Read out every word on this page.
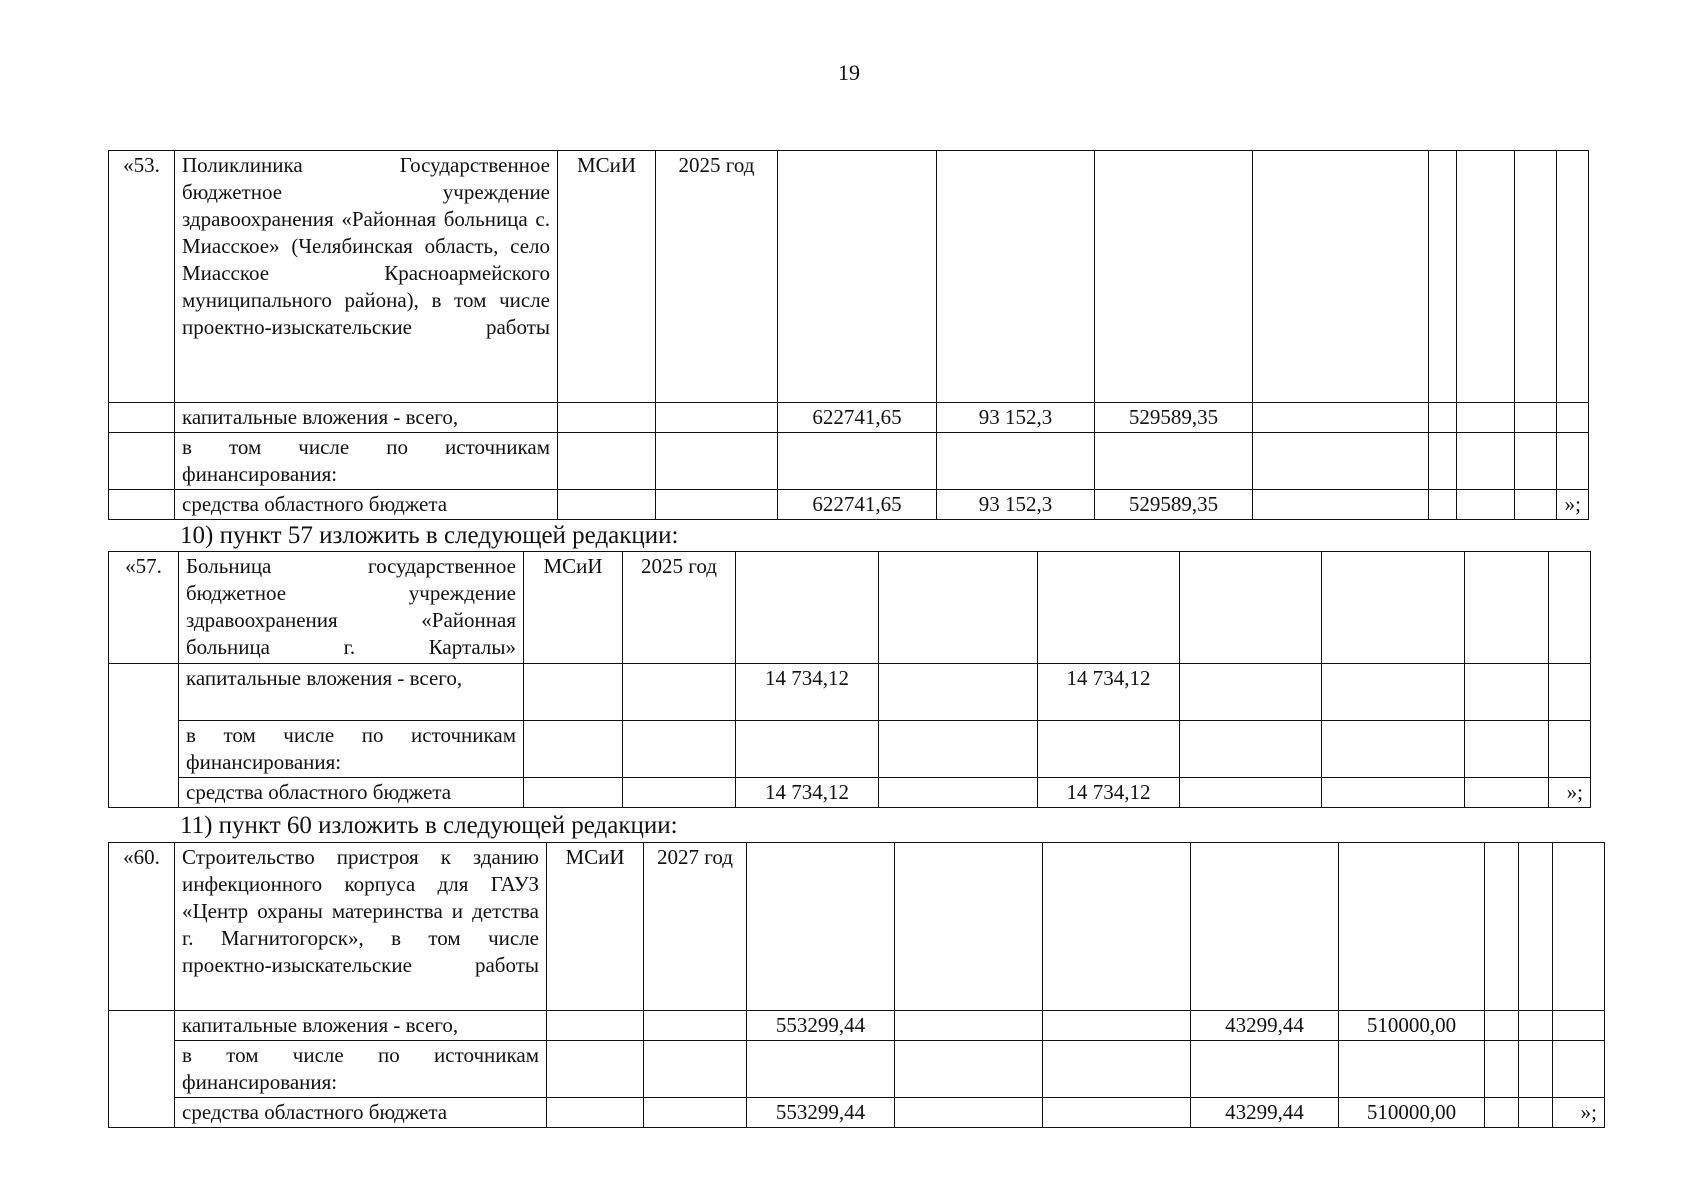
19
«53.	Поликлиника Государственное бюджетное учреждение здравоохранения «Районная больница с. Миасское» (Челябинская область, село Миасское Красноармейского муниципального района), в том числе проектно-изыскательские работы	МСиИ	2025 год								
	капитальные вложения - всего,			622741,65	93 152,3	529589,35					
	в том числе по источникам финансирования:										
	средства областного бюджета			622741,65	93 152,3	529589,35					»;
10) пункт 57 изложить в следующей редакции:
«57.	Больница государственное бюджетное учреждение здравоохранения «Районная больница г. Карталы»	МСиИ	2025 год							
	капитальные вложения - всего,			14 734,12		14 734,12				
	в том числе по источникам финансирования:									
	средства областного бюджета			14 734,12		14 734,12				»;
11) пункт 60 изложить в следующей редакции:
«60.	Строительство пристроя к зданию инфекционного корпуса для ГАУЗ «Центр охраны материнства и детства г. Магнитогорск», в том числе проектно-изыскательские работы	МСиИ	2027 год								
	капитальные вложения - всего,			553299,44			43299,44	510000,00			
	в том числе по источникам финансирования:										
	средства областного бюджета			553299,44			43299,44	510000,00			»;
